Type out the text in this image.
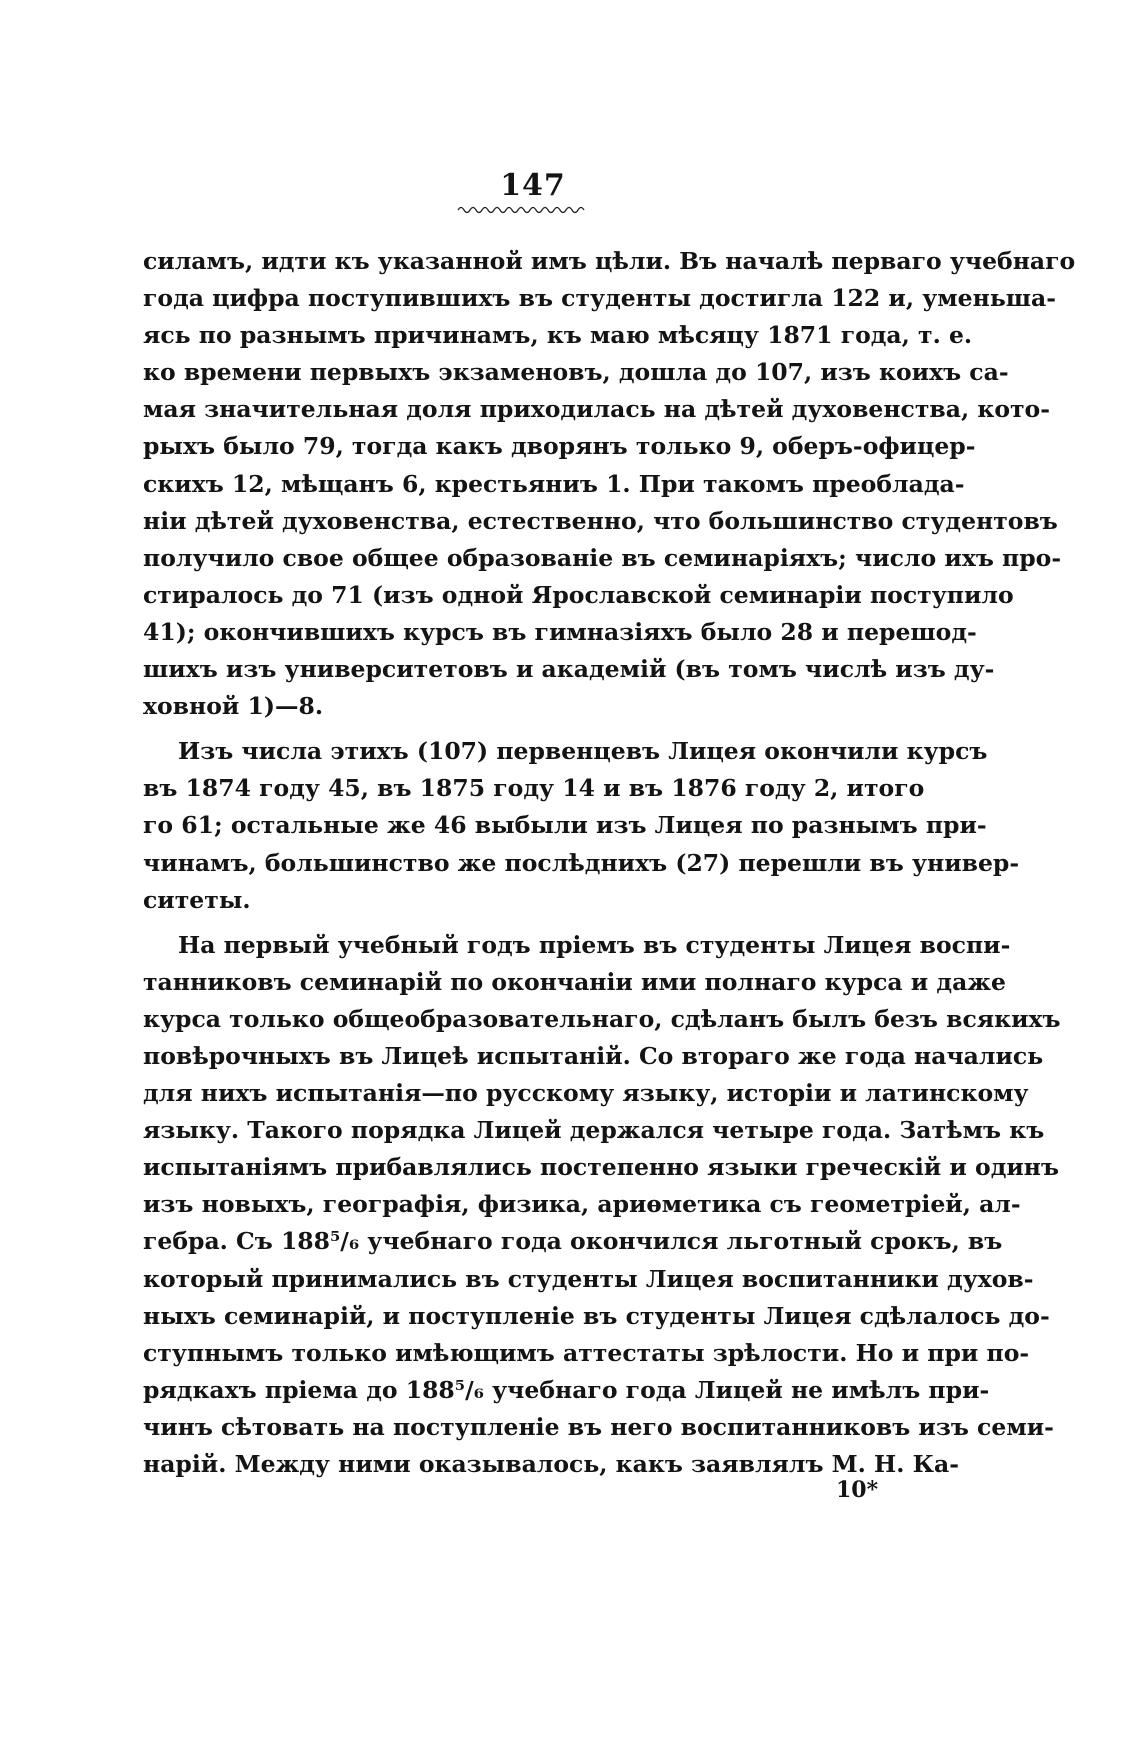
147
силамъ, идти къ указанной имъ цѣли. Въ началѣ перваго учебнаго
года цифра поступившихъ въ студенты достигла 122 и, уменьша-
ясь по разнымъ причинамъ, къ маю мѣсяцу 1871 года, т. е.
ко времени первыхъ экзаменовъ, дошла до 107, изъ коихъ са-
мая значительная доля приходилась на дѣтей духовенства, кото-
рыхъ было 79, тогда какъ дворянъ только 9, оберъ-офицер-
скихъ 12, мѣщанъ 6, крестьяниъ 1. При такомъ преоблада-
ніи дѣтей духовенства, естественно, что большинство студентовъ
получило свое общее образованіе въ семинаріяхъ; число ихъ про-
стиралось до 71 (изъ одной Ярославской семинаріи поступило
41); окончившихъ курсъ въ гимназіяхъ было 28 и перешод-
шихъ изъ университетовъ и академій (въ томъ числѣ изъ ду-
ховной 1)—8.
Изъ числа этихъ (107) первенцевъ Лицея окончили курсъ
въ 1874 году 45, въ 1875 году 14 и въ 1876 году 2, итого
го 61; остальные же 46 выбыли изъ Лицея по разнымъ при-
чинамъ, большинство же послѣднихъ (27) перешли въ универ-
ситеты.
На первый учебный годъ пріемъ въ студенты Лицея воспи-
танниковъ семинарій по окончаніи ими полнаго курса и даже
курса только общеобразовательнаго, сдѣланъ былъ безъ всякихъ
повѣрочныхъ въ Лицеѣ испытаній. Со втораго же года начались
для нихъ испытанія—по русскому языку, исторіи и латинскому
языку. Такого порядка Лицей держался четыре года. Затѣмъ къ
испытаніямъ прибавлялись постепенно языки греческій и одинъ
изъ новыхъ, географія, физика, ариѳметика съ геометріей, ал-
гебра. Съ 188⁵/₆ учебнаго года окончился льготный срокъ, въ
который принимались въ студенты Лицея воспитанники духов-
ныхъ семинарій, и поступленіе въ студенты Лицея сдѣлалось до-
ступнымъ только имѣющимъ аттестаты зрѣлости. Но и при по-
рядкахъ пріема до 188⁵/₆ учебнаго года Лицей не имѣлъ при-
чинъ сѣтовать на поступленіе въ него воспитанниковъ изъ семи-
нарій. Между ними оказывалось, какъ заявлялъ М. Н. Ка-
10*
